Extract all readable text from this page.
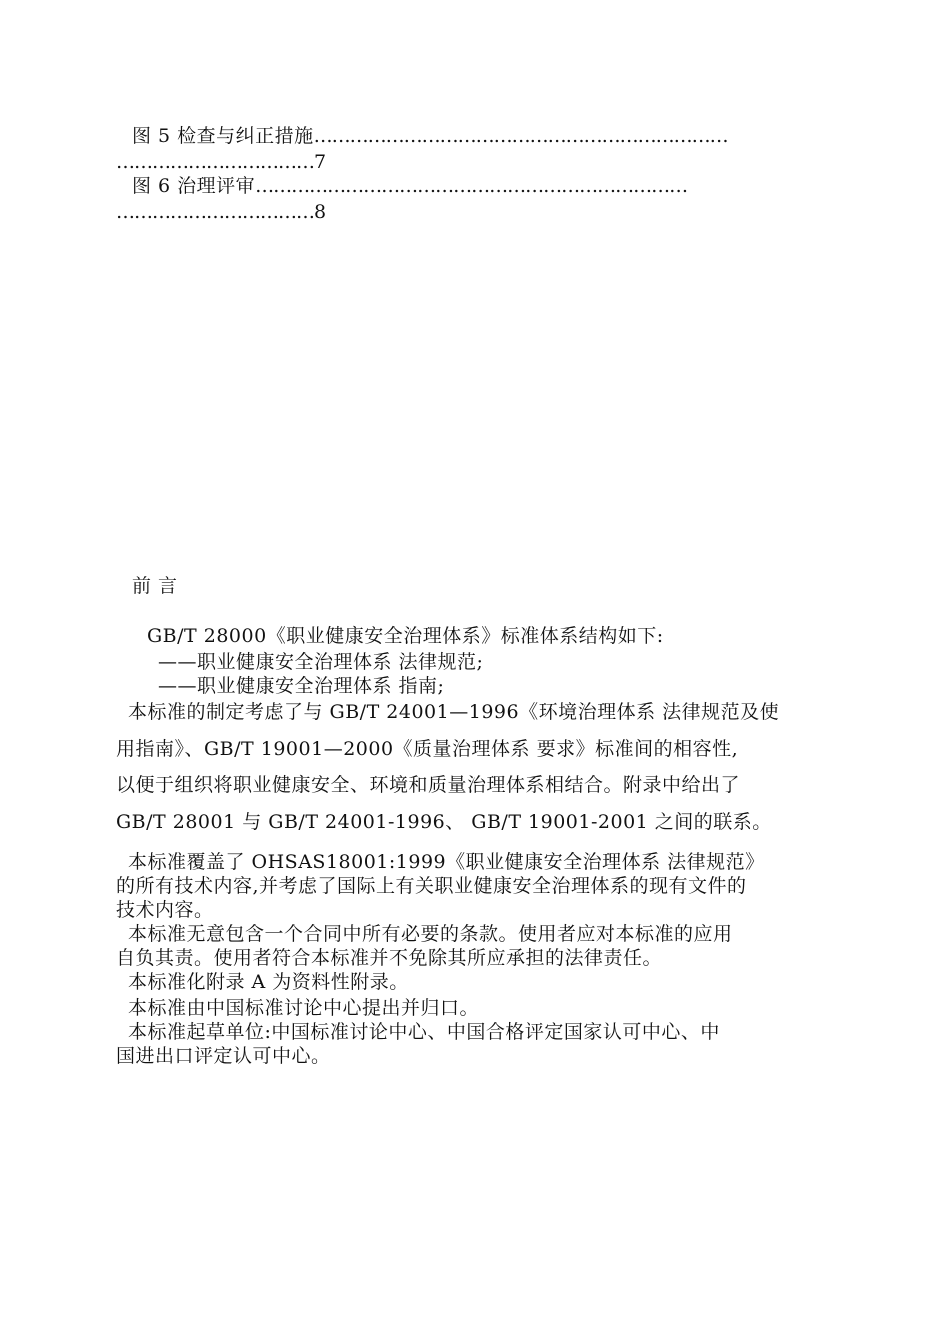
图 5 检查与纠正措施……………………………………………………………
……………………………7
图 6 治理评审………………………………………………………………
……………………………8
前 言
GB/T 28000《职业健康安全治理体系》标准体系结构如下:
——职业健康安全治理体系 法律规范;
——职业健康安全治理体系 指南;
本标准的制定考虑了与 GB/T 24001—1996《环境治理体系 法律规范及使
用指南》、GB/T 19001—2000《质量治理体系 要求》标准间的相容性,
以便于组织将职业健康安全、环境和质量治理体系相结合。附录中给出了
GB/T 28001 与 GB/T 24001-1996、 GB/T 19001-2001 之间的联系。
本标准覆盖了 OHSAS18001:1999《职业健康安全治理体系 法律规范》
的所有技术内容,并考虑了国际上有关职业健康安全治理体系的现有文件的
技术内容。
本标准无意包含一个合同中所有必要的条款。使用者应对本标准的应用
自负其责。使用者符合本标准并不免除其所应承担的法律责任。
本标准化附录 A 为资料性附录。
本标准由中国标准讨论中心提出并归口。
本标准起草单位:中国标准讨论中心、中国合格评定国家认可中心、中
国进出口评定认可中心。
